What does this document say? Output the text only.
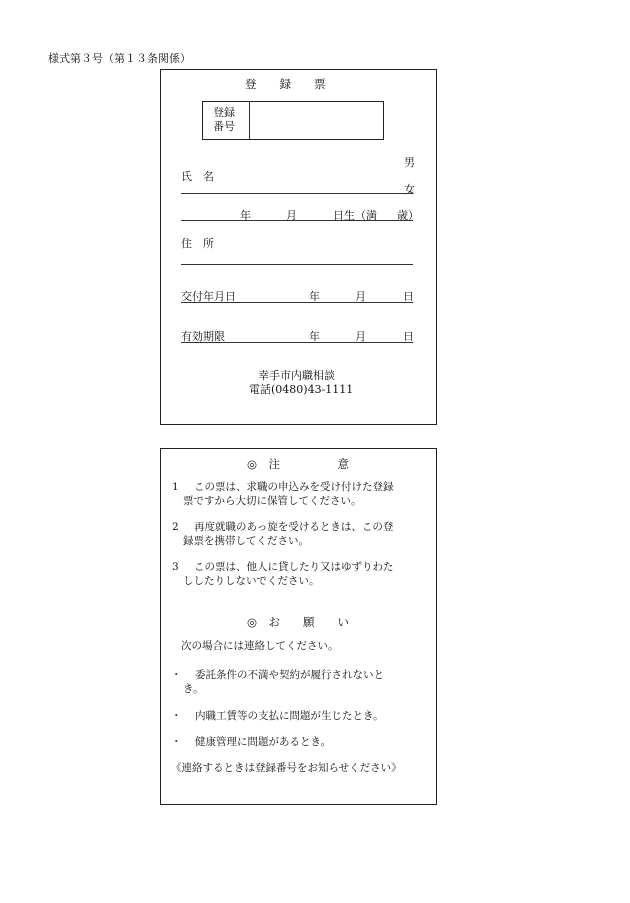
様式第３号（第１３条関係）
登　　録　　票
登録
番号
男
氏　名
女
年	月	日生（満 歳）
住　所
交付年月日	年	月	日
有効期限	年	月	日
幸手市内職相談
電話(0480)43-1111
◎　注　　　　　意
1	この票は、求職の申込みを受け付けた登録
票ですから大切に保管してください。
2	再度就職のあっ旋を受けるときは、この登
録票を携帯してください。
3	この票は、他人に貸したり又はゆずりわた
ししたりしないでください。
◎　お　　願　　い
次の場合には連絡してください。
・	委託条件の不満や契約が履行されないと
き。
・ 内職工賃等の支払に問題が生じたとき。
・ 健康管理に問題があるとき。
《連絡するときは登録番号をお知らせください》
